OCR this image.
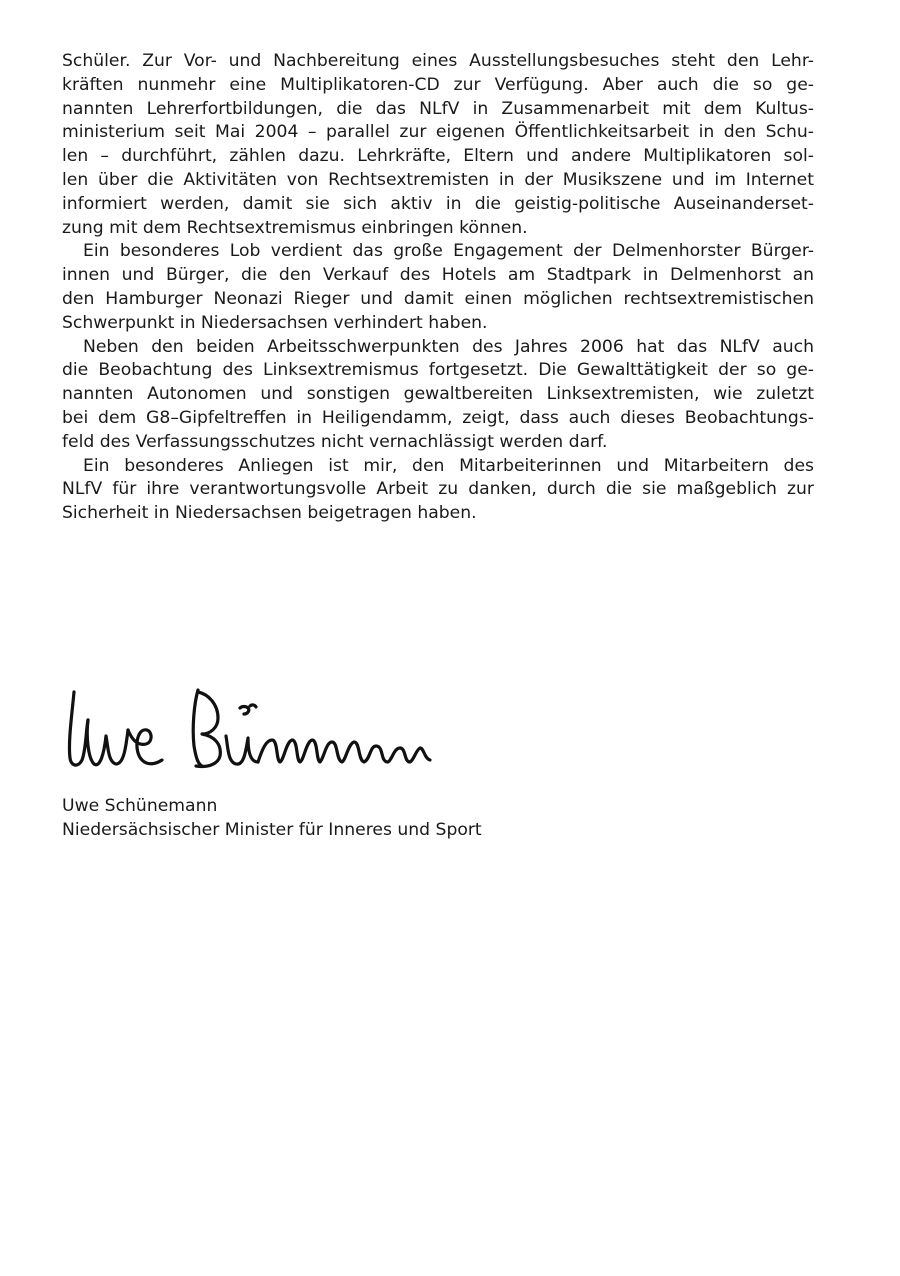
Schüler. Zur Vor- und Nachbereitung eines Ausstellungsbesuches steht den Lehr-
kräften nunmehr eine Multiplikatoren-CD zur Verfügung. Aber auch die so ge-
nannten Lehrerfortbildungen, die das NLfV in Zusammenarbeit mit dem Kultus-
ministerium seit Mai 2004 – parallel zur eigenen Öffentlichkeitsarbeit in den Schu-
len – durchführt, zählen dazu. Lehrkräfte, Eltern und andere Multiplikatoren sol-
len über die Aktivitäten von Rechtsextremisten in der Musikszene und im Internet
informiert werden, damit sie sich aktiv in die geistig-politische Auseinanderset-
zung mit dem Rechtsextremismus einbringen können.
Ein besonderes Lob verdient das große Engagement der Delmenhorster Bürger-
innen und Bürger, die den Verkauf des Hotels am Stadtpark in Delmenhorst an
den Hamburger Neonazi Rieger und damit einen möglichen rechtsextremistischen
Schwerpunkt in Niedersachsen verhindert haben.
Neben den beiden Arbeitsschwerpunkten des Jahres 2006 hat das NLfV auch
die Beobachtung des Linksextremismus fortgesetzt. Die Gewalttätigkeit der so ge-
nannten Autonomen und sonstigen gewaltbereiten Linksextremisten, wie zuletzt
bei dem G8–Gipfeltreffen in Heiligendamm, zeigt, dass auch dieses Beobachtungs-
feld des Verfassungsschutzes nicht vernachlässigt werden darf.
Ein besonderes Anliegen ist mir, den Mitarbeiterinnen und Mitarbeitern des
NLfV für ihre verantwortungsvolle Arbeit zu danken, durch die sie maßgeblich zur
Sicherheit in Niedersachsen beigetragen haben.
Uwe Schünemann
Niedersächsischer Minister für Inneres und Sport
